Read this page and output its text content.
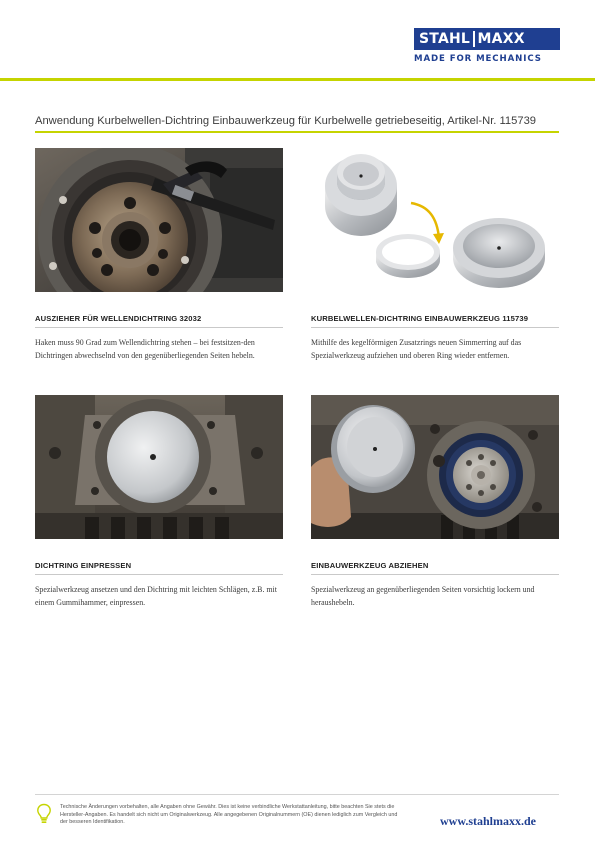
STAHL MAXX
MADE FOR MECHANICS
Anwendung Kurbelwellen-Dichtring Einbauwerkzeug für Kurbelwelle getriebeseitig, Artikel-Nr. 115739
AUSZIEHER FÜR WELLENDICHTRING 32032
Haken muss 90 Grad zum Wellendichtring stehen – bei festsitzen-den Dichtringen abwechselnd von den gegenüberliegenden Seiten hebeln.
KURBELWELLEN-DICHTRING EINBAUWERKZEUG 115739
Mithilfe des kegelförmigen Zusatzrings neuen Simmerring auf das Spezialwerkzeug aufziehen und oberen Ring wieder entfernen.
DICHTRING EINPRESSEN
Spezialwerkzeug ansetzen und den Dichtring mit leichten Schlägen, z.B. mit einem Gummihammer, einpressen.
EINBAUWERKZEUG ABZIEHEN
Spezialwerkzeug an gegenüberliegenden Seiten vorsichtig lockern und heraushebeln.
Technische Änderungen vorbehalten, alle Angaben ohne Gewähr. Dies ist keine verbindliche Werkstattanleitung, bitte beachten Sie stets die Hersteller-Angaben. Es handelt sich nicht um Originalwerkzeug. Alle angegebenen Originalnummern (OE) dienen lediglich zum Vergleich und der besseren Identifikation.	www.stahlmaxx.de
